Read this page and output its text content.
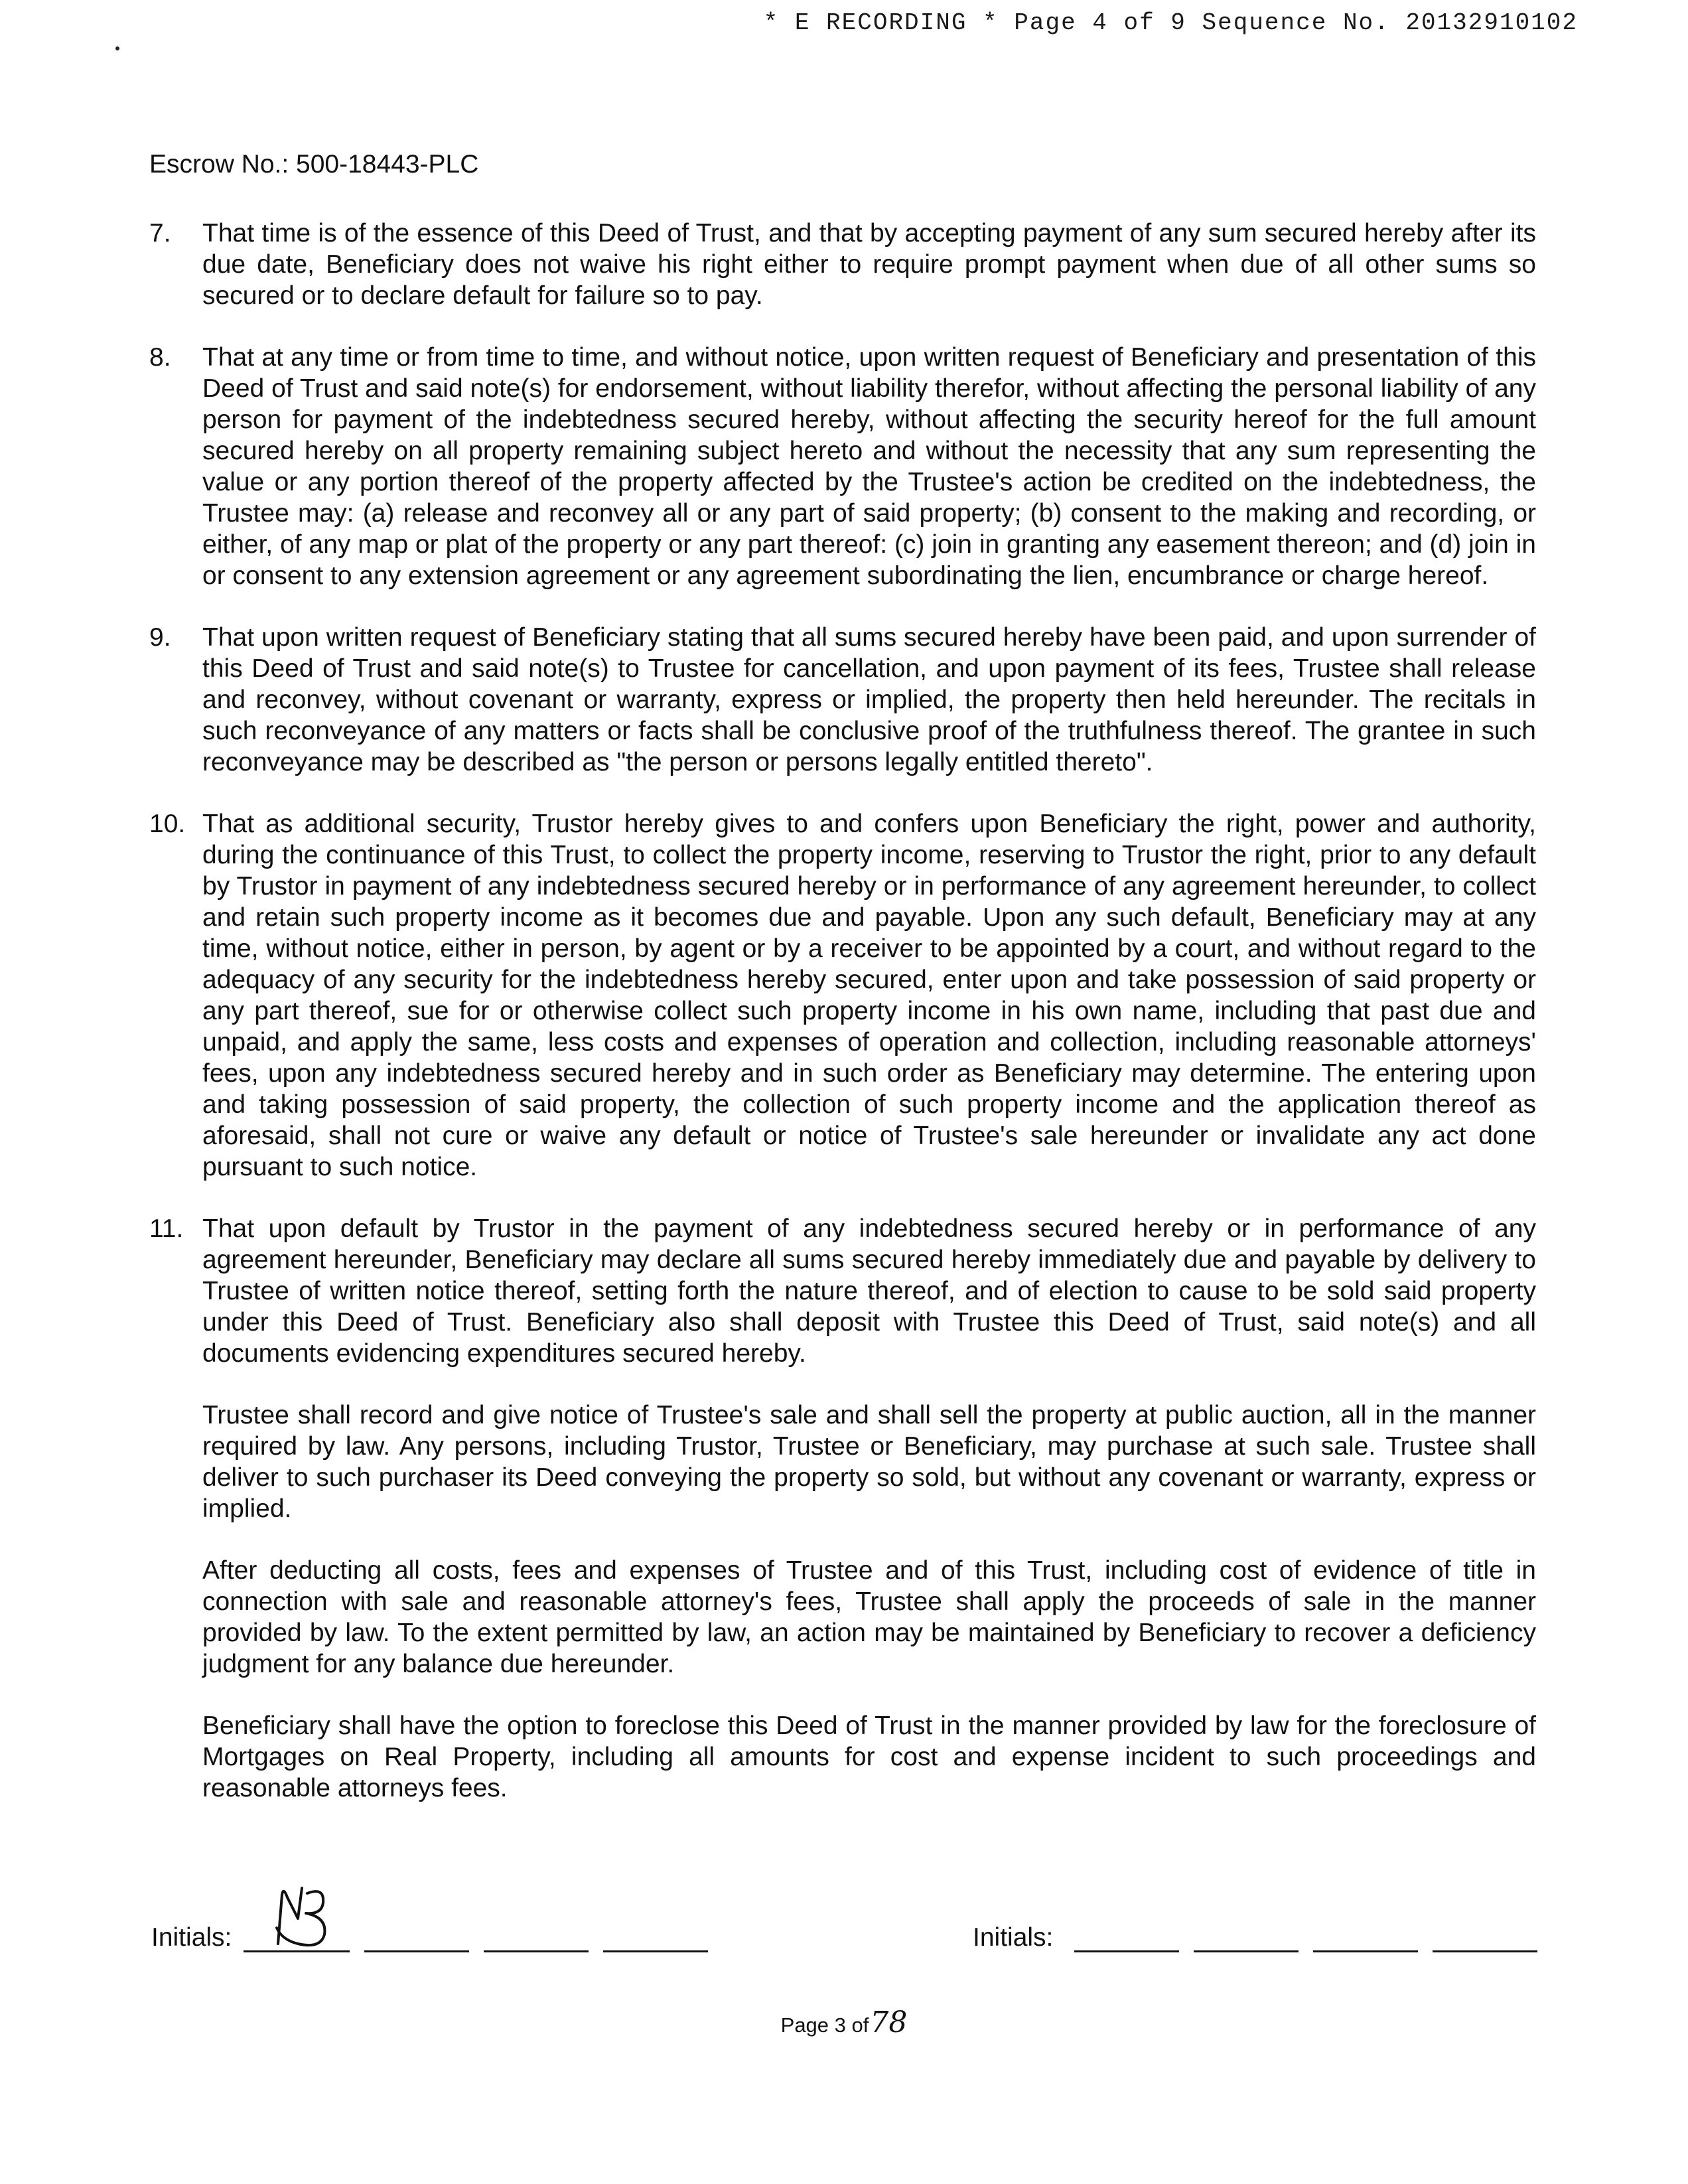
* E RECORDING * Page 4 of 9 Sequence No. 20132910102
Escrow No.: 500-18443-PLC
7.	That time is of the essence of this Deed of Trust, and that by accepting payment of any sum secured hereby after its due date, Beneficiary does not waive his right either to require prompt payment when due of all other sums so secured or to declare default for failure so to pay.

8.	That at any time or from time to time, and without notice, upon written request of Beneficiary and presentation of this Deed of Trust and said note(s) for endorsement, without liability therefor, without affecting the personal liability of any person for payment of the indebtedness secured hereby, without affecting the security hereof for the full amount secured hereby on all property remaining subject hereto and without the necessity that any sum representing the value or any portion thereof of the property affected by the Trustee's action be credited on the indebtedness, the Trustee may: (a) release and reconvey all or any part of said property; (b) consent to the making and recording, or either, of any map or plat of the property or any part thereof: (c) join in granting any easement thereon; and (d) join in or consent to any extension agreement or any agreement subordinating the lien, encumbrance or charge hereof.

9.	That upon written request of Beneficiary stating that all sums secured hereby have been paid, and upon surrender of this Deed of Trust and said note(s) to Trustee for cancellation, and upon payment of its fees, Trustee shall release and reconvey, without covenant or warranty, express or implied, the property then held hereunder. The recitals in such reconveyance of any matters or facts shall be conclusive proof of the truthfulness thereof. The grantee in such reconveyance may be described as "the person or persons legally entitled thereto".

10. That as additional security, Trustor hereby gives to and confers upon Beneficiary the right, power and authority, during the continuance of this Trust, to collect the property income, reserving to Trustor the right, prior to any default by Trustor in payment of any indebtedness secured hereby or in performance of any agreement hereunder, to collect and retain such property income as it becomes due and payable. Upon any such default, Beneficiary may at any time, without notice, either in person, by agent or by a receiver to be appointed by a court, and without regard to the adequacy of any security for the indebtedness hereby secured, enter upon and take possession of said property or any part thereof, sue for or otherwise collect such property income in his own name, including that past due and unpaid, and apply the same, less costs and expenses of operation and collection, including reasonable attorneys' fees, upon any indebtedness secured hereby and in such order as Beneficiary may determine. The entering upon and taking possession of said property, the collection of such property income and the application thereof as aforesaid, shall not cure or waive any default or notice of Trustee's sale hereunder or invalidate any act done pursuant to such notice.

11. That upon default by Trustor in the payment of any indebtedness secured hereby or in performance of any agreement hereunder, Beneficiary may declare all sums secured hereby immediately due and payable by delivery to Trustee of written notice thereof, setting forth the nature thereof, and of election to cause to be sold said property under this Deed of Trust. Beneficiary also shall deposit with Trustee this Deed of Trust, said note(s) and all documents evidencing expenditures secured hereby.

Trustee shall record and give notice of Trustee's sale and shall sell the property at public auction, all in the manner required by law. Any persons, including Trustor, Trustee or Beneficiary, may purchase at such sale. Trustee shall deliver to such purchaser its Deed conveying the property so sold, but without any covenant or warranty, express or implied.

After deducting all costs, fees and expenses of Trustee and of this Trust, including cost of evidence of title in connection with sale and reasonable attorney's fees, Trustee shall apply the proceeds of sale in the manner provided by law. To the extent permitted by law, an action may be maintained by Beneficiary to recover a deficiency judgment for any balance due hereunder.

Beneficiary shall have the option to foreclose this Deed of Trust in the manner provided by law for the foreclosure of Mortgages on Real Property, including all amounts for cost and expense incident to such proceedings and reasonable attorneys fees.

Initials:	Initials:
Page 3 of78
